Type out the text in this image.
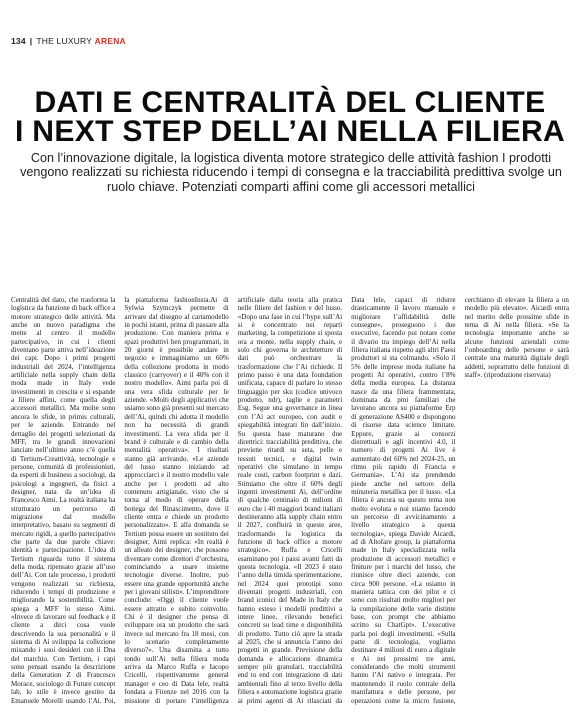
134 | THE LUXURY ARENA
DATI E CENTRALITÀ DEL CLIENTE
I NEXT STEP DELL’AI NELLA FILIERA
Con l’innovazione digitale, la logistica diventa motore strategico delle attività fashion I prodotti vengono realizzati su richiesta riducendo i tempi di consegna e la tracciabilità predittiva svolge un ruolo chiave. Potenziati comparti affini come gli accessori metallici

Centralità del dato, che trasforma la logistica da funzione di back office a motore strategico delle attività. Ma anche un nuovo paradigma che mette al centro il modello partecipativo, in cui i clienti diventano parte attiva nell’ideazione dei capi. Dopo i primi progetti industriali del 2024, l’intelligenza artificiale nella supply chain della moda made in Italy vede investimenti in crescita e si espande a filiere affini, come quella degli accessori metallici. Ma molte sono ancora le sfide, in primis culturali, per le aziende. Entrando nel dettaglio dei progetti selezionati da MFF, tra le grandi innovazioni lanciate nell’ultimo anno c’è quella di Tertium-Creattività, tecnologie e persone, comunità di professionisti, da esperti di business a sociologi, da psicologi a ingegneri, da fisici a designer, nata da un’idea di Francesco Aimi. La realtà italiana ha strutturato un percorso di migrazione dal modello interpretativo, basato su segmenti di mercato rigidi, a quello partecipativo che parte da due parole chiave: identità e partecipazione. L’idea di Tertium riguarda tutto il sistema della moda, ripensato grazie all’uso dell’Ai. Con tale processo, i prodotti vengono realizzati su richiesta, riducendo i tempi di produzione e migliorando la sostenibilità. Come spiega a MFF lo stesso Aimi. «Invece di lavorare sul feedback e il cliente a dirci cosa vuole descrivendo la sua personalità e il sistema di Ai sviluppa la collezione mixando i suoi desideri con il Dna del marchio. Con Tertium, i capi sono pensati usando la descrizione della Generation Z di Francesco Morace, sociologo di Future concept lab, lo stile è invece gestito da Emanuele Morelli usando l’Ai. Poi, la piattaforma fashionInsta.Ai di Sylwia Szymczyk permette di arrivare dal disegno al cartamodello in pochi istanti, prima di passare alla produzione. Con maniera prima e spazi produttivi ben programmati, in 20 giorni è possibile andare in negozio e immaginiamo un 60% della collezione prodotta in modo classico (carryover) e il 40% con il nostro modello». Aimi parla poi di una vera sfida culturale per le aziende. «Molti degli applicativi che usiamo sono già presenti sul mercato dell’Ai, quindi chi adotta il modello non ha necessità di grandi investimenti. La vera sfida per il brand è culturale e di cambio della mentalità operativa». I risultati stanno già arrivando. «Le aziende del lusso stanno iniziando ad approcciarci e il nostro modello vale anche per i prodotti ad alto contenuto artigianale, visto che si torna al modo di operare della bottega del Rinascimento, dove il cliente entra e chiede un prodotto personalizzato». E alla domanda se Tertium possa essere un sostituto dei designer, Aimi replica: «In realtà è un alleato dei designer, che possono diventare come direttori d’orchestra, cominciando a usare insieme tecnologie diverse. Inoltre, può essere una grande opportunità anche per i giovani stilisti». L’imprenditore conclude: «Oggi il cliente vuole essere attratto e subito coinvolto. Chi è il designer che pensa di sviluppare ora un prodotto che sarà invece sul mercato fra 18 mesi, con lo scenario completamente diverso?». Una disamina a tutto tondo sull’Ai nella filiera moda arriva da Marco Ruffa e Iacopo Cricelli, rispettivamente general manager e ceo di Data lele, realtà fondata a Firenze nel 2016 con la missione di portare l’intelligenza artificiale dalla teoria alla pratica nelle filiere del fashion e del lusso. «Dopo una fase in cui l’hype sull’Ai si è concentrato nei reparti marketing, la competizione si sposta ora a monte, nella supply chain, e solo chi governa le architetture di dati può orchestrare la trasformazione che l’Ai richiede. Il primo passo è una data foundation unificata, capace di parlare lo stesso linguaggio per sku (codice univoco prodotto, ndr), taglie e parametri Esg. Segue una governance in linea con l’Ai act europeo, con audit e spiegabilità integrati fin dall’inizio. Su questa base maturano due direttrici: tracciabilità predittiva, che previene ritardi su seta, pelle e tessuti tecnici, e digital twin operativi che simulano in tempo reale costi, carbon footprint e dazi. Stimiamo che oltre il 60% degli ingenti investimenti Ai, dell’ordine di qualche centinaio di milioni di euro che i 40 maggiori brand italiani destineranno alla supply chain entro il 2027, confluirà in queste aree, trasformando la logistica da funzione di back office a motore strategico». Ruffa e Cricelli esaminano poi i passi avanti fatti da questa tecnologia. «Il 2023 è stato l’anno della timida sperimentazione, nel 2024 quei prototipi sono diventati progetti industriali, con brand iconici del Made in Italy che hanno esteso i modelli predittivi a intere linee, rilevando benefici concreti su lead time e disponibilità di prodotto. Tutto ciò apre la strada al 2025, che si annuncia l’anno dei progetti in grande. Previsione della domanda e allocazione dinamica sempre più granulari, tracciabilità end to end con integrazione di dati ambientali fino al terzo livello della filiera e automazione logistica grazie ai primi agenti di Ai rilasciati da Data lele, capaci di ridurre drasticamente il lavoro manuale e migliorare l’affidabilità delle consegne», proseguono i due executive, facendo poi notare come il divario tra impiego dell’Ai nella filiera italiana rispetto agli altri Paesi produttori si sta colmando. «Solo il 5% delle imprese moda italiane ha progetti Ai operativi, contro l’8% della media europea. La distanza nasce da una filiera frammentata, dominata da pmi familiari che lavorano ancora su piattaforme Erp di generazione AS400 e dispongono di risorse data science limitate. Eppure, grazie ai consorzi distrettuali e agli incentivi 4.0, il numero di progetti Ai live è aumentato del 60% nel 2024-25, un ritmo più rapido di Francia e Germania». L’Ai sta prendendo piede anche nel settore della minuteria metallica per il lusso. «La filiera è ancora su questo tema non molto evoluta e noi stiamo facendo un percorso di avvicinamento a livello strategico a questa tecnologia», spiega Davide Aicardi, ad di Altofare group, la piattaforma made in Italy specializzata nella produzione di accessori metallici e finiture per i marchi del lusso, che riunisce oltre dieci aziende, con circa 900 persone. «La usiamo in maniera tattica con dei pilot e ci sono con risultati molto migliori per la compilazione delle varie distinte base, con prompt che abbiamo scritto su ChatGpt». L’executive parla poi degli investimenti. «Sulla parte di tecnologia, vogliamo destinare 4 milioni di euro a digitale e Ai nei prossimi tre anni, considerando che molti strumenti hanno l’Ai nativo e integrata. Per mantenendo il ruolo centrale della manifattura e delle persone, per operazioni come la micro fusione, cerchiamo di elevare la filiera a un modello più elevato». Aicardi entra nel merito delle prossime sfide in tema di Ai nella filiera. «Se la tecnologia importante anche se alcune funzioni aziendali come l’onboarding delle persone e sarà centrale una maturità digitale degli addetti, soprattutto delle funzioni di staff». (riproduzione riservata)
